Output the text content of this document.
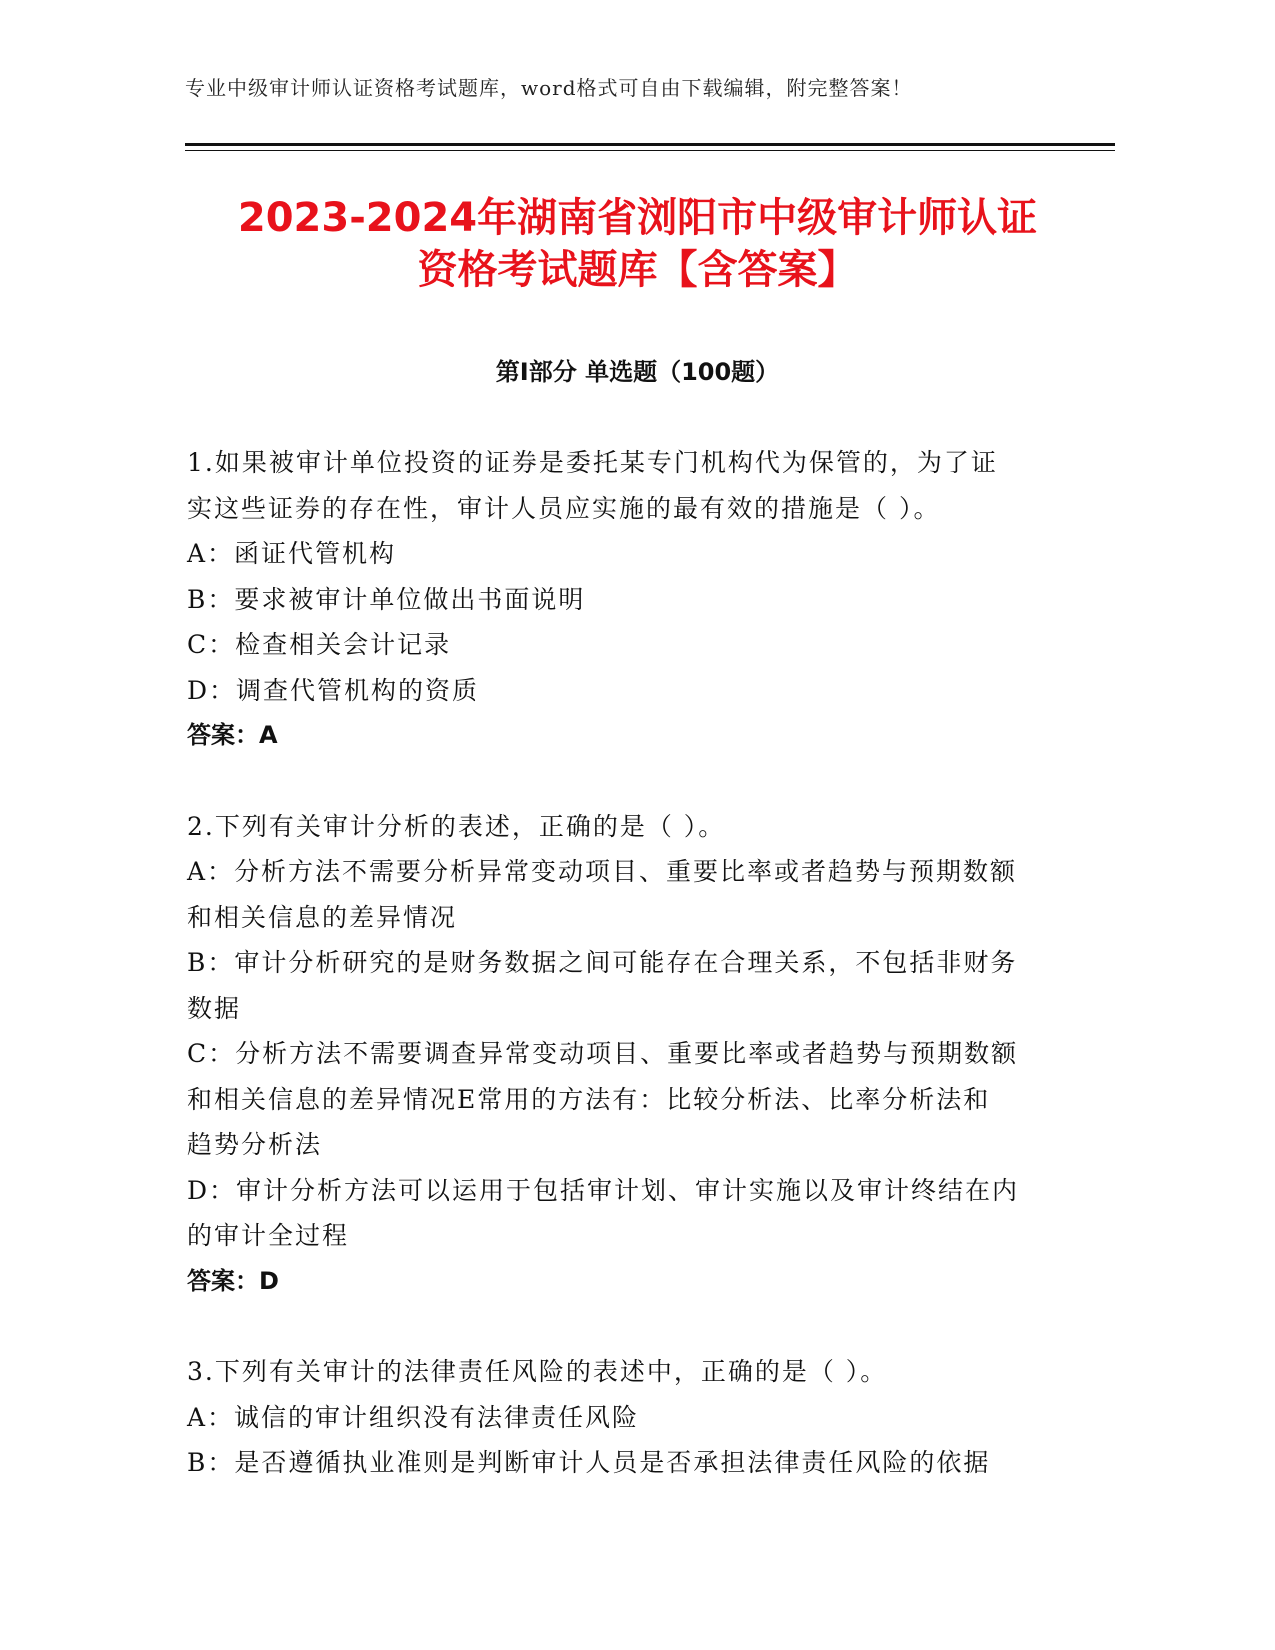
专业中级审计师认证资格考试题库，word格式可自由下载编辑，附完整答案！
2023-2024年湖南省浏阳市中级审计师认证
资格考试题库【含答案】
第Ⅰ部分 单选题（100题）
1.如果被审计单位投资的证券是委托某专门机构代为保管的，为了证
实这些证券的存在性，审计人员应实施的最有效的措施是（ ）。
A：函证代管机构
B：要求被审计单位做出书面说明
C：检查相关会计记录
D：调查代管机构的资质
答案：A
2.下列有关审计分析的表述，正确的是（ ）。
A：分析方法不需要分析异常变动项目、重要比率或者趋势与预期数额
和相关信息的差异情况
B：审计分析研究的是财务数据之间可能存在合理关系，不包括非财务
数据
C：分析方法不需要调查异常变动项目、重要比率或者趋势与预期数额
和相关信息的差异情况E常用的方法有：比较分析法、比率分析法和
趋势分析法
D：审计分析方法可以运用于包括审计划、审计实施以及审计终结在内
的审计全过程
答案：D
3.下列有关审计的法律责任风险的表述中，正确的是（ ）。
A：诚信的审计组织没有法律责任风险
B：是否遵循执业准则是判断审计人员是否承担法律责任风险的依据
